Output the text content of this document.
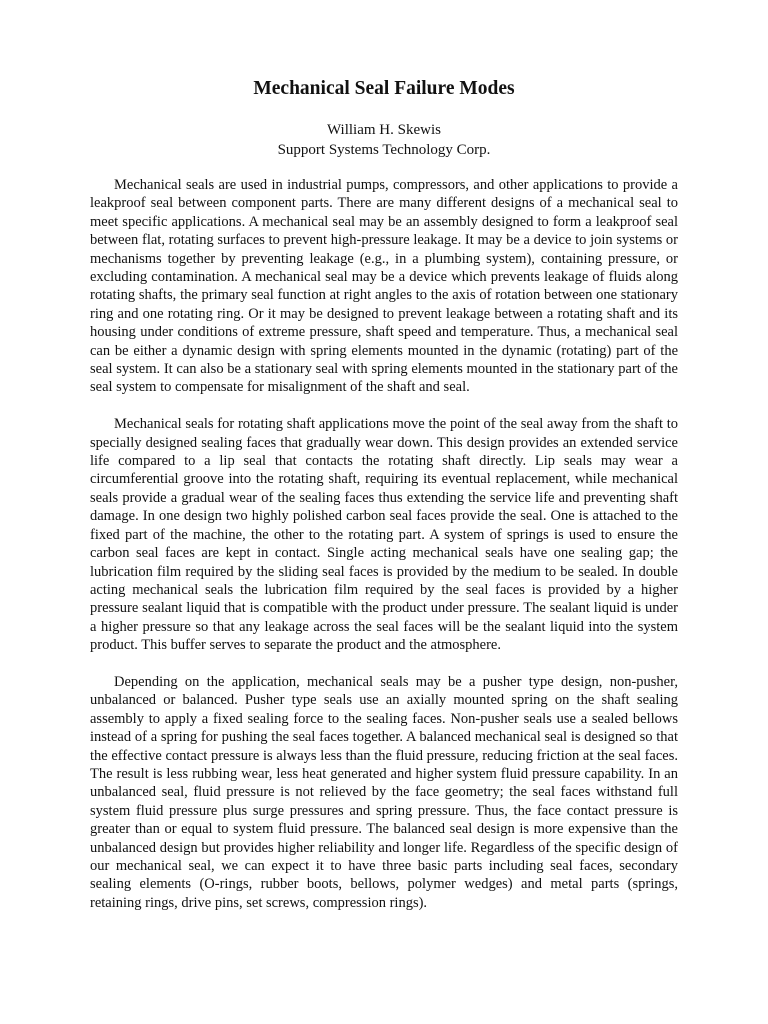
Mechanical Seal Failure Modes
William H. Skewis
Support Systems Technology Corp.

Mechanical seals are used in industrial pumps, compressors, and other applications to provide a leakproof seal between component parts. There are many different designs of a mechanical seal to meet specific applications. A mechanical seal may be an assembly designed to form a leakproof seal between flat, rotating surfaces to prevent high-pressure leakage. It may be a device to join systems or mechanisms together by preventing leakage (e.g., in a plumbing system), containing pressure, or excluding contamination. A mechanical seal may be a device which prevents leakage of fluids along rotating shafts, the primary seal function at right angles to the axis of rotation between one stationary ring and one rotating ring. Or it may be designed to prevent leakage between a rotating shaft and its housing under conditions of extreme pressure, shaft speed and temperature. Thus, a mechanical seal can be either a dynamic design with spring elements mounted in the dynamic (rotating) part of the seal system. It can also be a stationary seal with spring elements mounted in the stationary part of the seal system to compensate for misalignment of the shaft and seal.

Mechanical seals for rotating shaft applications move the point of the seal away from the shaft to specially designed sealing faces that gradually wear down. This design provides an extended service life compared to a lip seal that contacts the rotating shaft directly. Lip seals may wear a circumferential groove into the rotating shaft, requiring its eventual replacement, while mechanical seals provide a gradual wear of the sealing faces thus extending the service life and preventing shaft damage. In one design two highly polished carbon seal faces provide the seal. One is attached to the fixed part of the machine, the other to the rotating part. A system of springs is used to ensure the carbon seal faces are kept in contact. Single acting mechanical seals have one sealing gap; the lubrication film required by the sliding seal faces is provided by the medium to be sealed. In double acting mechanical seals the lubrication film required by the seal faces is provided by a higher pressure sealant liquid that is compatible with the product under pressure. The sealant liquid is under a higher pressure so that any leakage across the seal faces will be the sealant liquid into the system product. This buffer serves to separate the product and the atmosphere.

Depending on the application, mechanical seals may be a pusher type design, non-pusher, unbalanced or balanced. Pusher type seals use an axially mounted spring on the shaft sealing assembly to apply a fixed sealing force to the sealing faces. Non-pusher seals use a sealed bellows instead of a spring for pushing the seal faces together. A balanced mechanical seal is designed so that the effective contact pressure is always less than the fluid pressure, reducing friction at the seal faces. The result is less rubbing wear, less heat generated and higher system fluid pressure capability. In an unbalanced seal, fluid pressure is not relieved by the face geometry; the seal faces withstand full system fluid pressure plus surge pressures and spring pressure. Thus, the face contact pressure is greater than or equal to system fluid pressure. The balanced seal design is more expensive than the unbalanced design but provides higher reliability and longer life. Regardless of the specific design of our mechanical seal, we can expect it to have three basic parts including seal faces, secondary sealing elements (O-rings, rubber boots, bellows, polymer wedges) and metal parts (springs, retaining rings, drive pins, set screws, compression rings).
